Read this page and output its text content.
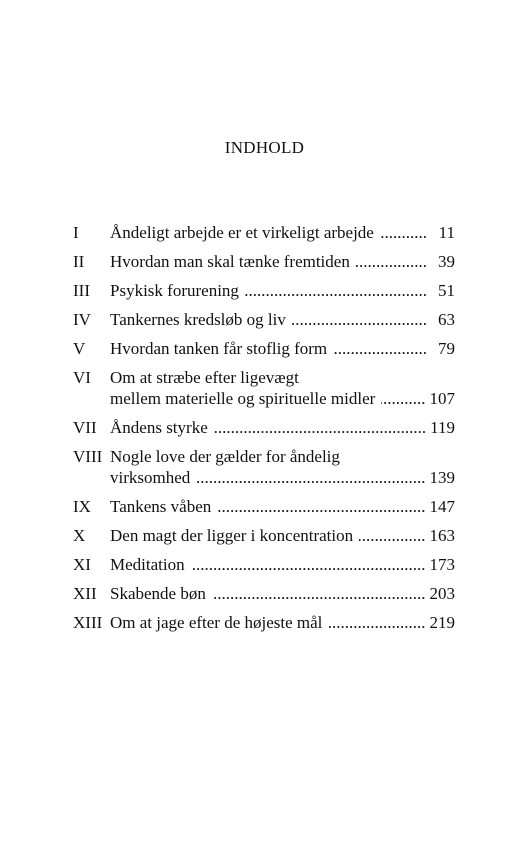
INDHOLD
I	Åndeligt arbejde er et virkeligt arbejde .....	11
II	Hvordan man skal tænke fremtiden .....	39
III	Psykisk forurening .....	51
IV	Tankernes kredsløb og liv .....	63
V	Hvordan tanken får stoflig form .....	79
VI	Om at stræbe efter ligevægt
mellem materielle og spirituelle midler .....	107
VII Åndens styrke .....	119
VIII Nogle love der gælder for åndelig
virksomhed .....	139
IX	Tankens våben .....	147
X	Den magt der ligger i koncentration .....	163
XI	Meditation .....	173
XII Skabende bøn .....	203
XIII Om at jage efter de højeste mål .....	219
